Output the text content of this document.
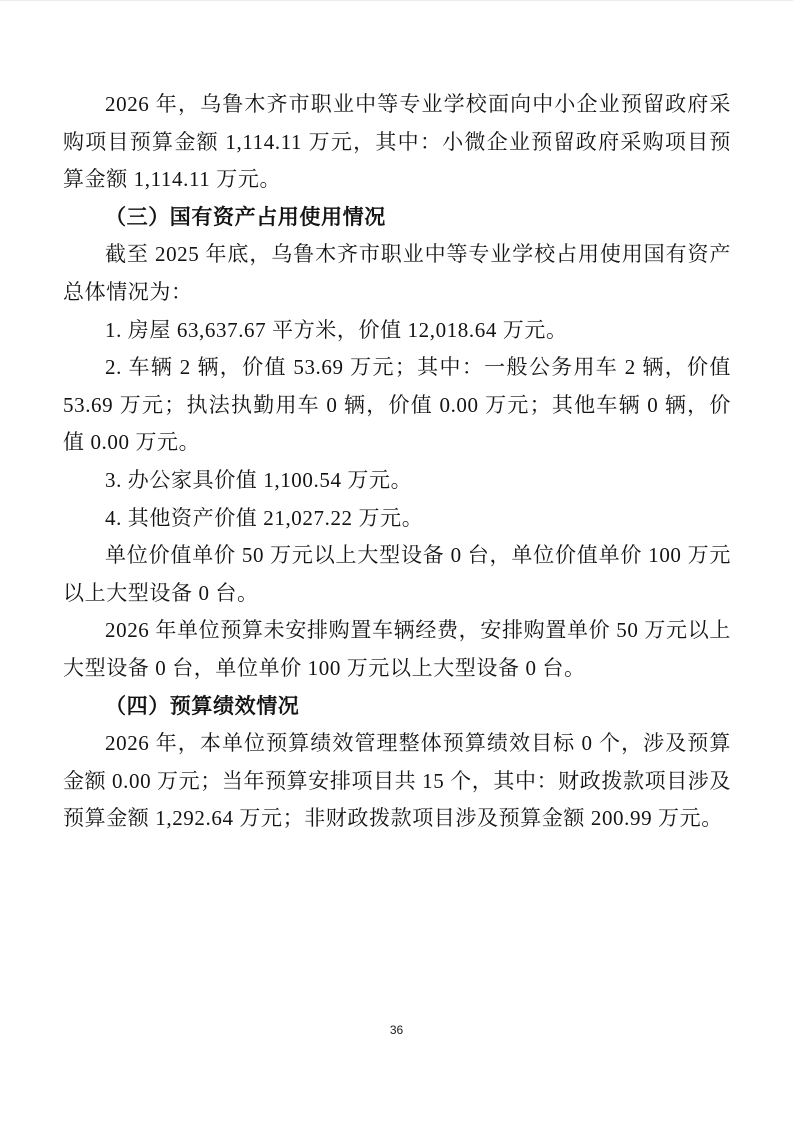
2026 年，乌鲁木齐市职业中等专业学校面向中小企业预留政府采购项目预算金额 1,114.11 万元，其中：小微企业预留政府采购项目预算金额 1,114.11 万元。

（三）国有资产占用使用情况

截至 2025 年底，乌鲁木齐市职业中等专业学校占用使用国有资产总体情况为：

1. 房屋 63,637.67 平方米，价值 12,018.64 万元。

2. 车辆 2 辆，价值 53.69 万元；其中：一般公务用车 2 辆，价值 53.69 万元；执法执勤用车 0 辆，价值 0.00 万元；其他车辆 0 辆，价值 0.00 万元。

3. 办公家具价值 1,100.54 万元。

4. 其他资产价值 21,027.22 万元。

单位价值单价 50 万元以上大型设备 0 台，单位价值单价 100 万元以上大型设备 0 台。

2026 年单位预算未安排购置车辆经费，安排购置单价 50 万元以上大型设备 0 台，单位单价 100 万元以上大型设备 0 台。

（四）预算绩效情况

2026 年，本单位预算绩效管理整体预算绩效目标 0 个，涉及预算金额 0.00 万元；当年预算安排项目共 15 个，其中：财政拨款项目涉及预算金额 1,292.64 万元；非财政拨款项目涉及预算金额 200.99 万元。

36
